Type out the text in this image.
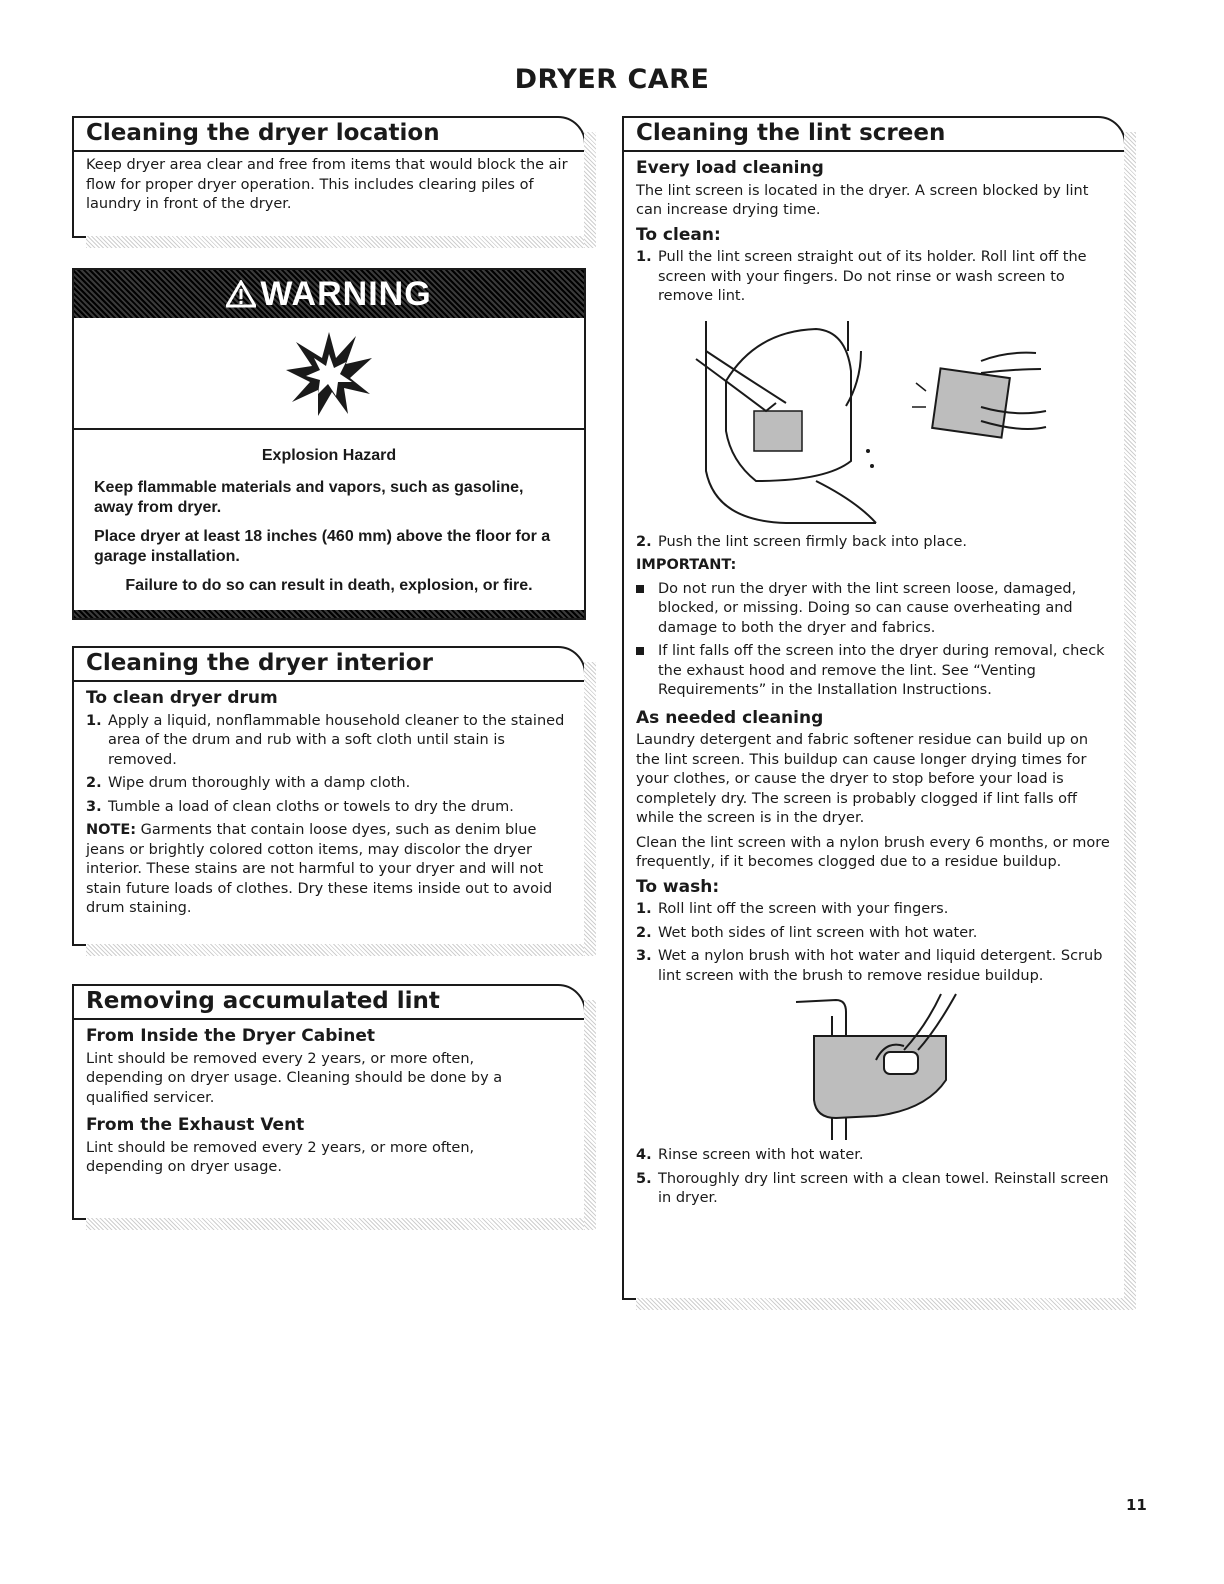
DRYER CARE
Cleaning the dryer location

Keep dryer area clear and free from items that would block the air flow for proper dryer operation. This includes clearing piles of laundry in front of the dryer.

WARNING
Explosion Hazard

Keep flammable materials and vapors, such as gasoline, away from dryer.

Place dryer at least 18 inches (460 mm) above the floor for a garage installation.

Failure to do so can result in death, explosion, or fire.

Cleaning the dryer interior
To clean dryer drum
1. Apply a liquid, nonflammable household cleaner to the stained area of the drum and rub with a soft cloth until stain is removed.
2. Wipe drum thoroughly with a damp cloth.
3. Tumble a load of clean cloths or towels to dry the drum.

NOTE: Garments that contain loose dyes, such as denim blue jeans or brightly colored cotton items, may discolor the dryer interior. These stains are not harmful to your dryer and will not stain future loads of clothes. Dry these items inside out to avoid drum staining.

Removing accumulated lint
From Inside the Dryer Cabinet

Lint should be removed every 2 years, or more often, depending on dryer usage. Cleaning should be done by a qualified servicer.

From the Exhaust Vent

Lint should be removed every 2 years, or more often, depending on dryer usage.

Cleaning the lint screen
Every load cleaning

The lint screen is located in the dryer. A screen blocked by lint can increase drying time.

To clean:
1. Pull the lint screen straight out of its holder. Roll lint off the screen with your fingers. Do not rinse or wash screen to remove lint.
2. Push the lint screen firmly back into place.
IMPORTANT:
Do not run the dryer with the lint screen loose, damaged, blocked, or missing. Doing so can cause overheating and damage to both the dryer and fabrics.
If lint falls off the screen into the dryer during removal, check the exhaust hood and remove the lint. See “Venting Requirements” in the Installation Instructions.
As needed cleaning

Laundry detergent and fabric softener residue can build up on the lint screen. This buildup can cause longer drying times for your clothes, or cause the dryer to stop before your load is completely dry. The screen is probably clogged if lint falls off while the screen is in the dryer.

Clean the lint screen with a nylon brush every 6 months, or more frequently, if it becomes clogged due to a residue buildup.

To wash:
1. Roll lint off the screen with your fingers.
2. Wet both sides of lint screen with hot water.
3. Wet a nylon brush with hot water and liquid detergent. Scrub lint screen with the brush to remove residue buildup.
4. Rinse screen with hot water.
5. Thoroughly dry lint screen with a clean towel. Reinstall screen in dryer.
11
